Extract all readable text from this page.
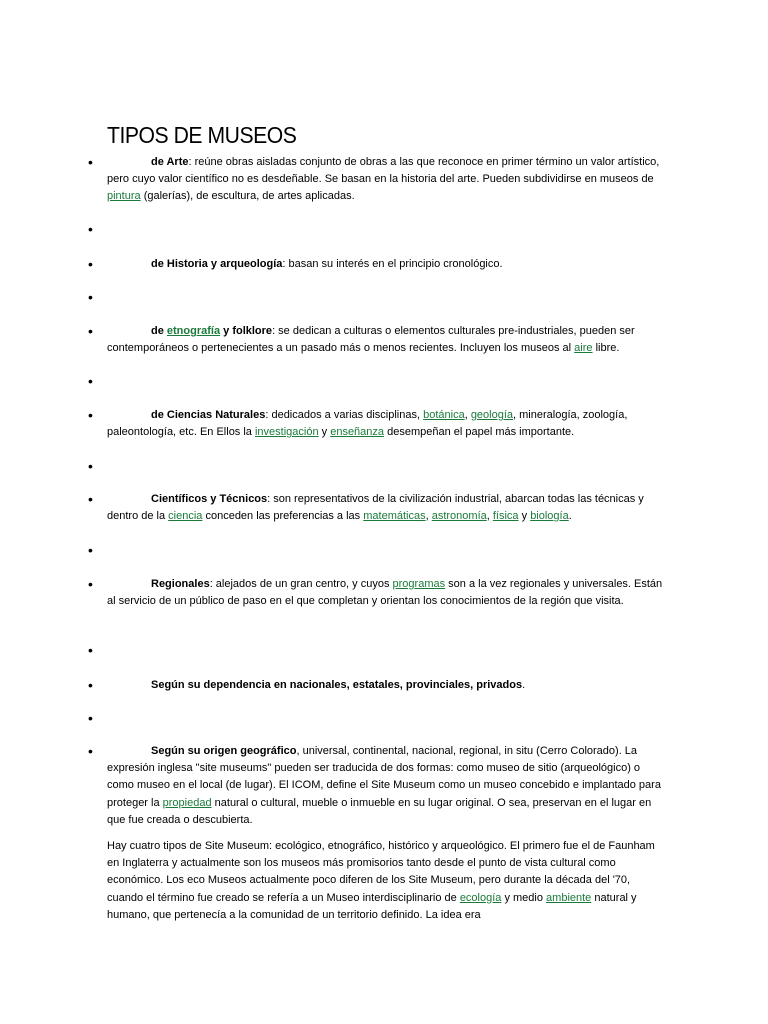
TIPOS DE MUSEOS
•	de Arte: reúne obras aisladas conjunto de obras a las que reconoce en primer término un valor artístico, pero cuyo valor científico no es desdeñable. Se basan en la historia del arte. Pueden subdividirse en museos de pintura (galerías), de escultura, de artes aplicadas.
•
•	de Historia y arqueología: basan su interés en el principio cronológico.
•
•	de etnografía y folklore: se dedican a culturas o elementos culturales pre-industriales, pueden ser contemporáneos o pertenecientes a un pasado más o menos recientes. Incluyen los museos al aire libre.
•
•	de Ciencias Naturales: dedicados a varias disciplinas, botánica, geología, mineralogía, zoología, paleontología, etc. En Ellos la investigación y enseñanza desempeñan el papel más importante.
•
•	Científicos y Técnicos: son representativos de la civilización industrial, abarcan todas las técnicas y dentro de la ciencia conceden las preferencias a las matemáticas, astronomía, física y biología.
•
•	Regionales: alejados de un gran centro, y cuyos programas son a la vez regionales y universales. Están al servicio de un público de paso en el que completan y orientan los conocimientos de la región que visita.
•
•	Según su dependencia en nacionales, estatales, provinciales, privados.
•
•	Según su origen geográfico, universal, continental, nacional, regional, in situ (Cerro Colorado). La expresión inglesa "site museums" pueden ser traducida de dos formas: como museo de sitio (arqueológico) o como museo en el local (de lugar). El ICOM, define el Site Museum como un museo concebido e implantado para proteger la propiedad natural o cultural, mueble o inmueble en su lugar original. O sea, preservan en el lugar en que fue creada o descubierta.
Hay cuatro tipos de Site Museum: ecológico, etnográfico, histórico y arqueológico. El primero fue el de Faunham en Inglaterra y actualmente son los museos más promisorios tanto desde el punto de vista cultural como económico. Los eco Museos actualmente poco diferen de los Site Museum, pero durante la década del '70, cuando el término fue creado se refería a un Museo interdisciplinario de ecología y medio ambiente natural y humano, que pertenecía a la comunidad de un territorio definido. La idea era
